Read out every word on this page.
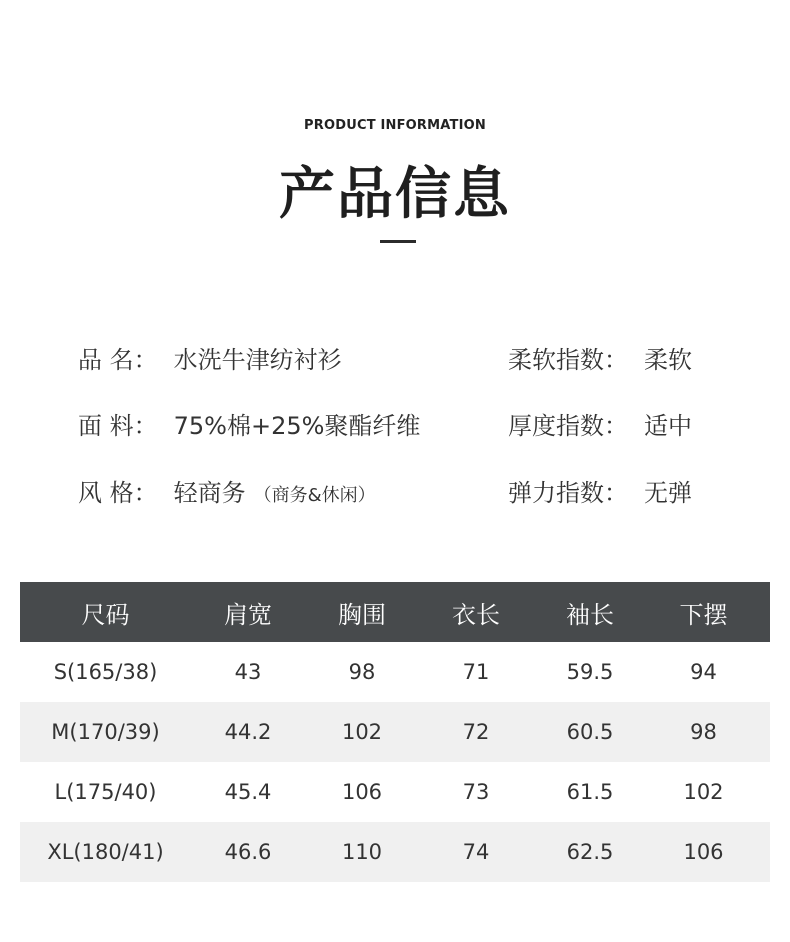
PRODUCT INFORMATION
产品信息
品 名： 水洗牛津纺衬衫
面 料： 75%棉+25%聚酯纤维
风 格： 轻商务 （商务&休闲）
柔软指数： 柔软
厚度指数： 适中
弹力指数： 无弹
尺码	肩宽	胸围	衣长	袖长	下摆
S(165/38)	43	98	71	59.5	94
M(170/39)	44.2	102	72	60.5	98
L(175/40)	45.4	106	73	61.5	102
XL(180/41)	46.6	110	74	62.5	106
